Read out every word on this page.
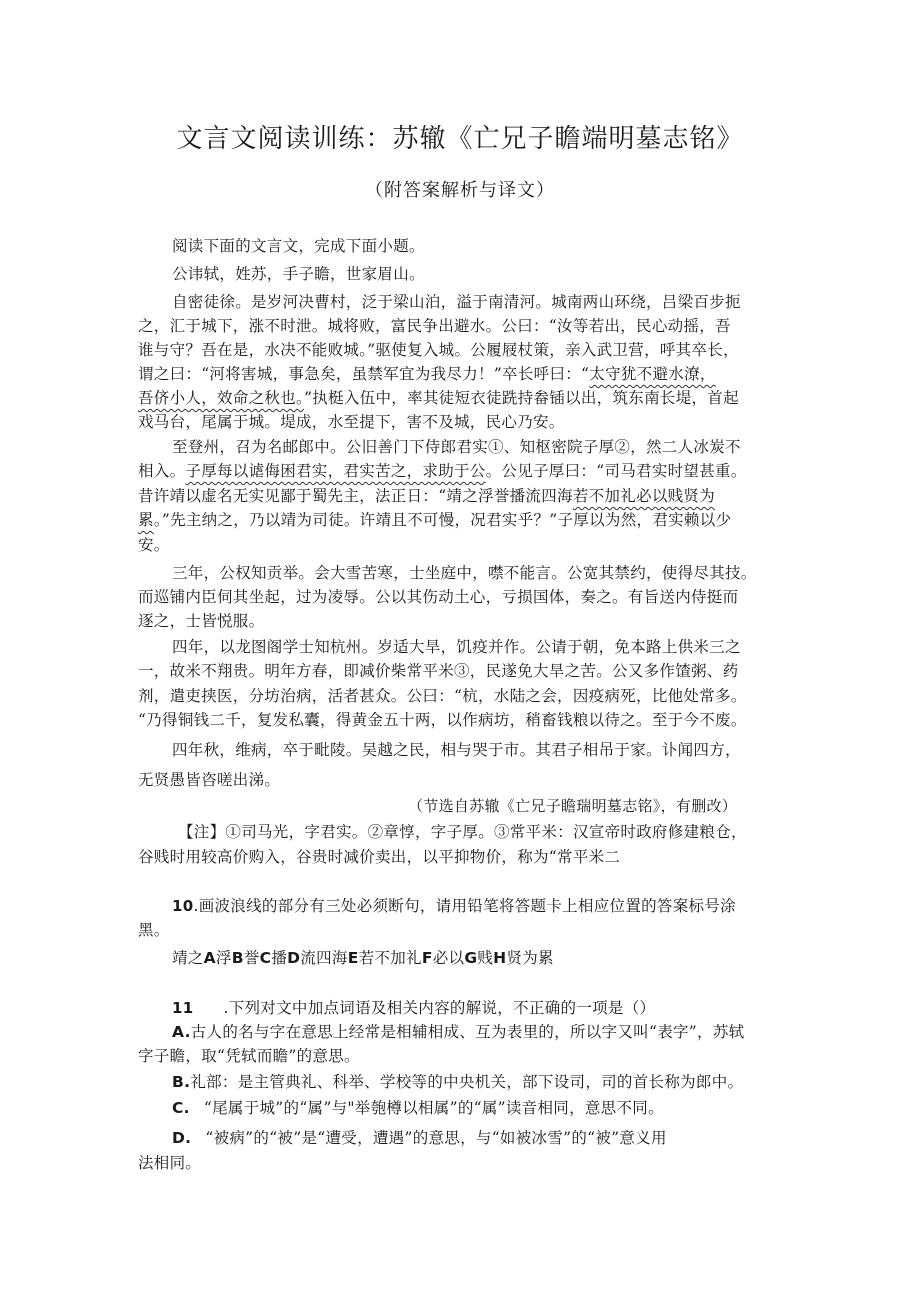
文言文阅读训练：苏辙《亡兄子瞻端明墓志铭》
（附答案解析与译文）
阅读下面的文言文，完成下面小题。
公讳轼，姓苏，手子瞻，世家眉山。
自密徒徐。是岁河决曹村，泛于梁山泊，溢于南清河。城南两山环绕，吕梁百步扼
之，汇于城下，涨不时泄。城将败，富民争出避水。公曰：“汝等若出，民心动摇，吾
谁与守？吾在是，水决不能败城。”驱使复入城。公履屐杖策，亲入武卫营，呼其卒长，
谓之曰：“河将害城，事急矣，虽禁军宜为我尽力！”卒长呼曰：“太守犹不避水潦，
吾侪小人，效命之秋也。”执梃入伍中，率其徒短衣徒跣持畚锸以出，筑东南长堤，首起
戏马台，尾属于城。堤成，水至提下，害不及城，民心乃安。
至登州，召为名邮郎中。公旧善门下侍郎君实①、知枢密院子厚②，然二人冰炭不
相入。子厚每以谑侮困君实，君实苦之，求助于公。公见子厚曰：“司马君实时望甚重。
昔许靖以虚名无实见鄙于蜀先主，法正日：“靖之浮誉播流四海若不加礼必以贱贤为
累。”先主纳之，乃以靖为司徒。许靖且不可慢，况君实乎？”子厚以为然，君实赖以少
安。
三年，公权知贡举。会大雪苦寒，士坐庭中，噤不能言。公宽其禁约，使得尽其技。
而巡铺内臣伺其坐起，过为凌辱。公以其伤动土心，亏损国体，奏之。有旨送内侍挺而
逐之，士皆悦服。
四年，以龙图阁学士知杭州。岁适大旱，饥疫并作。公请于朝，免本路上供米三之
一，故米不翔贵。明年方春，即减价柴常平米③，民遂免大旱之苦。公又多作馇粥、药
剂，遣吏挟医，分坊治病，活者甚众。公曰：“杭，水陆之会，因疫病死，比他处常多。
“乃得铜钱二千，复发私囊，得黄金五十两，以作病坊，稍畜钱粮以待之。至于今不废。
四年秋，维病，卒于毗陵。吴越之民，相与哭于市。其君子相吊于家。讣闻四方，
无贤愚皆咨嗟出涕。
（节选自苏辙《亡兄子瞻瑞明墓志铭》，有删改）
【注】①司马光，字君实。②章惇，字子厚。③常平米：汉宣帝时政府修建粮仓，
谷贱时用较高价购入，谷贵时减价卖出，以平抑物价，称为“常平米二
10.画波浪线的部分有三处必须断句，请用铅笔将答题卡上相应位置的答案标号涂
黑。
靖之A浮B誉C播D流四海E若不加礼F必以G贱H贤为累
11 .下列对文中加点词语及相关内容的解说，不正确的一项是（）
A.古人的名与字在意思上经常是相辅相成、互为表里的，所以字又叫“表字”，苏轼
字子瞻，取“凭轼而瞻”的意思。
B.礼部：是主管典礼、科举、学校等的中央机关，部下设司，司的首长称为郎中。
C. “尾属于城”的“属”与"举匏樽以相属”的“属”读音相同，意思不同。
D. “被病”的“被”是“遭受，遭遇”的意思，与“如被冰雪”的“被”意义用
法相同。
